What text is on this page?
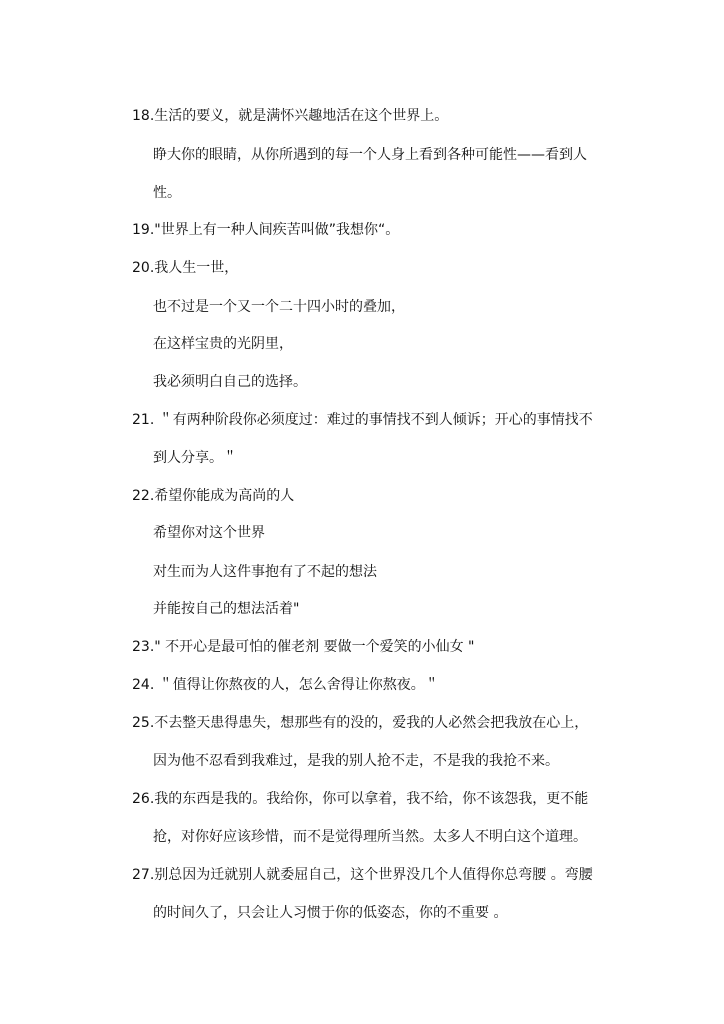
18.生活的要义，就是满怀兴趣地活在这个世界上。
睁大你的眼睛，从你所遇到的每一个人身上看到各种可能性——看到人
性。
19."世界上有一种人间疾苦叫做”我想你“。
20.我人生一世，
也不过是一个又一个二十四小时的叠加，
在这样宝贵的光阴里，
我必须明白自己的选择。
21. ＂有两种阶段你必须度过：难过的事情找不到人倾诉；开心的事情找不
到人分享。＂
22.希望你能成为高尚的人
希望你对这个世界
对生而为人这件事抱有了不起的想法
并能按自己的想法活着"
23." 不开心是最可怕的催老剂 要做一个爱笑的小仙女 "
24. ＂值得让你熬夜的人，怎么舍得让你熬夜。＂
25.不去整天患得患失，想那些有的没的，爱我的人必然会把我放在心上，
因为他不忍看到我难过，是我的别人抢不走，不是我的我抢不来。
26.我的东西是我的。我给你，你可以拿着，我不给，你不该怨我，更不能
抢，对你好应该珍惜，而不是觉得理所当然。太多人不明白这个道理。
27.别总因为迁就别人就委屈自己，这个世界没几个人值得你总弯腰 。弯腰
的时间久了，只会让人习惯于你的低姿态，你的不重要 。
